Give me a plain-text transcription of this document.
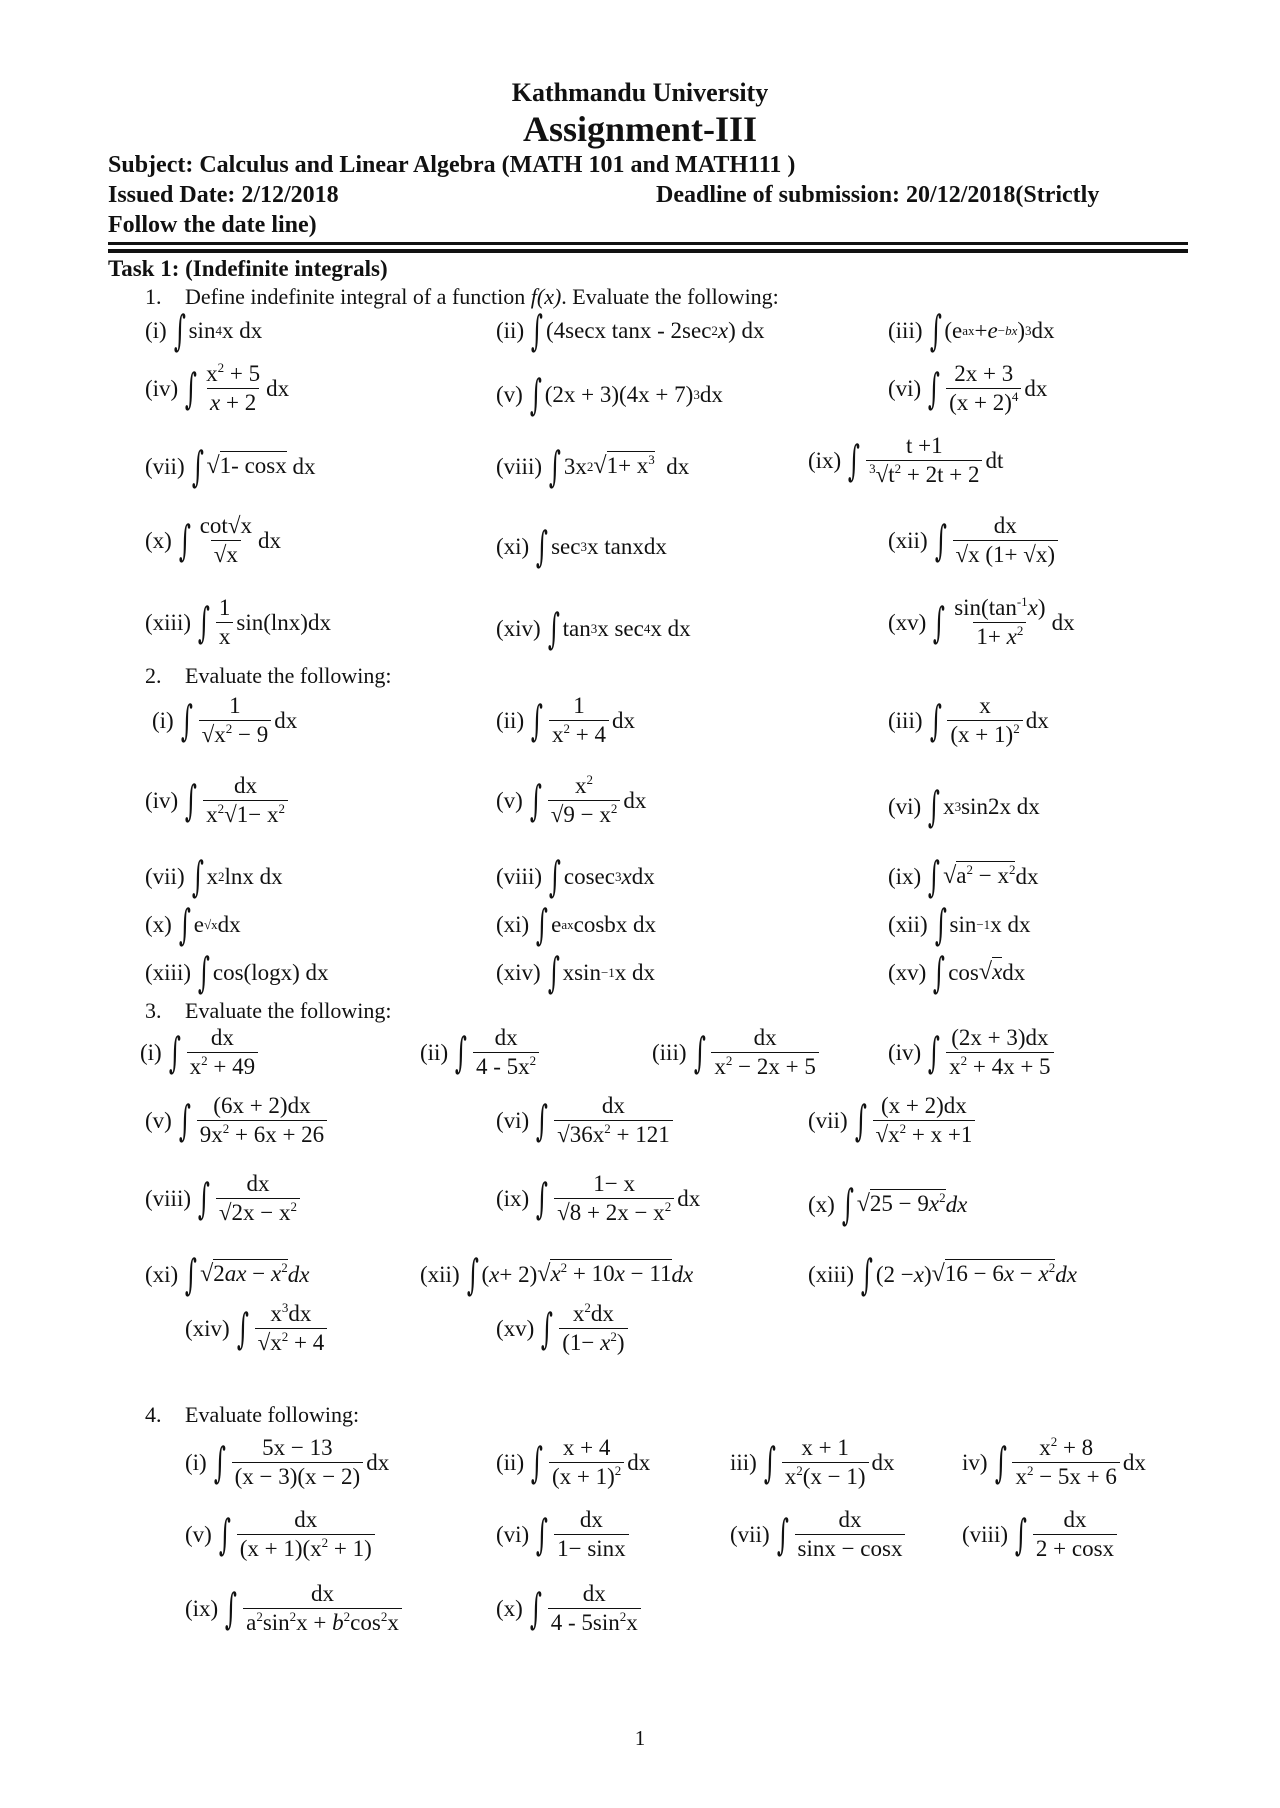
Kathmandu University
Assignment-III
Subject: Calculus and Linear Algebra (MATH 101 and MATH111 )
Issued Date: 2/12/2018	Deadline of submission: 20/12/2018(Strictly
Follow the date line)
Task 1: (Indefinite integrals)
1. Define indefinite integral of a function f(x). Evaluate the following:
(i) ∫ sin 4 x dx	(ii) ∫ (4secx tanx - 2sec 2 x ) dx	(iii) ∫ (e ax + e −bx ) 3 dx
(iv) ∫ $\frac{x^2 + 5}{x + 2}$ dx	(v) ∫ (2x + 3)(4x + 7) 3 dx	(vi) ∫ $\frac{2x + 3}{(x + 2)^4}$ dx
(vii) ∫ √1- cosx dx	(viii) ∫ 3x 2 $√1+ x^3$ dx	(ix) ∫ $\frac{t +1}{^3√t^2 + 2t + 2}$ dt
(x) ∫ $\frac{\cot√x}{√x}$ dx	(xi) ∫ sec 3 x tanxdx	(xii) ∫ $\frac{dx}{√x (1+ √x)}$
(xiii) ∫ $\frac{1}{x} \sin(\ln x)dx$	(xiv) ∫ tan 3 x sec 4 x dx	(xv) ∫ $\frac{\sin(\tan^{-1}x)}{1+ x^2}$ dx
2. Evaluate the following:
(i) ∫ $\frac{1}{√x^2 - 9}$ dx	(ii) ∫ $\frac{1}{x^2 + 4}$ dx	(iii) ∫ $\frac{x}{(x + 1)^2}$ dx
(iv) ∫ $\frac{dx}{x^2√1- x^2}$	(v) ∫ $\frac{x^2}{√9 - x^2}$ dx	(vi) ∫ x 3 sin2x dx
(vii) ∫ x 2 lnx dx	(viii) ∫ cosec 3 x dx	(ix) ∫ $√a^2 - x^2$ dx
(x) ∫ e √x dx	(xi) ∫ e ax cosbx dx	(xii) ∫ sin −1 x dx
(xiii) ∫ cos(logx) dx	(xiv) ∫ xsin −1 x dx	(xv) ∫ cos √x dx
3. Evaluate the following:
(i) ∫ $\frac{dx}{x^2 + 49}$	(ii) ∫ $\frac{dx}{4 - 5x^2}$	(iii) ∫ $\frac{dx}{x^2 - 2x + 5}$	(iv) ∫ $\frac{(2x + 3)dx}{x^2 + 4x + 5}$
(v) ∫ $\frac{(6x + 2)dx}{9x^2 + 6x + 26}$	(vi) ∫ $\frac{dx}{√36x^2 + 121}$	(vii) ∫ $\frac{(x + 2)dx}{√x^2 + x +1}$
(viii) ∫ $\frac{dx}{√2x - x^2}$	(ix) ∫ $\frac{1- x}{√8 + 2x - x^2}$ dx	(x) ∫ $√25 - 9x^2$ dx
(xi) ∫ $√2ax - x^2$ dx	(xii) ∫ ( x + 2) $√x^2 + 10x - 11$ dx	(xiii) ∫ (2 − x ) $√16 - 6x - x^2$ dx
(xiv) ∫ $\frac{x^3dx}{√x^2 + 4}$	(xv) ∫ $\frac{x^2dx}{(1- x^2)}$
4. Evaluate following:
(i) ∫ $\frac{5x - 13}{(x - 3)(x - 2)}$ dx	(ii) ∫ $\frac{x + 4}{(x + 1)^2}$ dx	iii) ∫ $\frac{x + 1}{x^2(x - 1)}$ dx	iv) ∫ $\frac{x^2 + 8}{x^2 - 5x + 6}$ dx
(v) ∫ $\frac{dx}{(x + 1)(x^2 + 1)}$	(vi) ∫ $\frac{dx}{1- \sin x}$	(vii) ∫ $\frac{dx}{\sin x - \cos x}$ (viii) ∫ $\frac{dx}{2 + \cos x}$
(ix) ∫ $\frac{dx}{a^2\sin^2x + b^2\cos^2x}$	(x) ∫ $\frac{dx}{4 - 5\sin^2x}$
1
